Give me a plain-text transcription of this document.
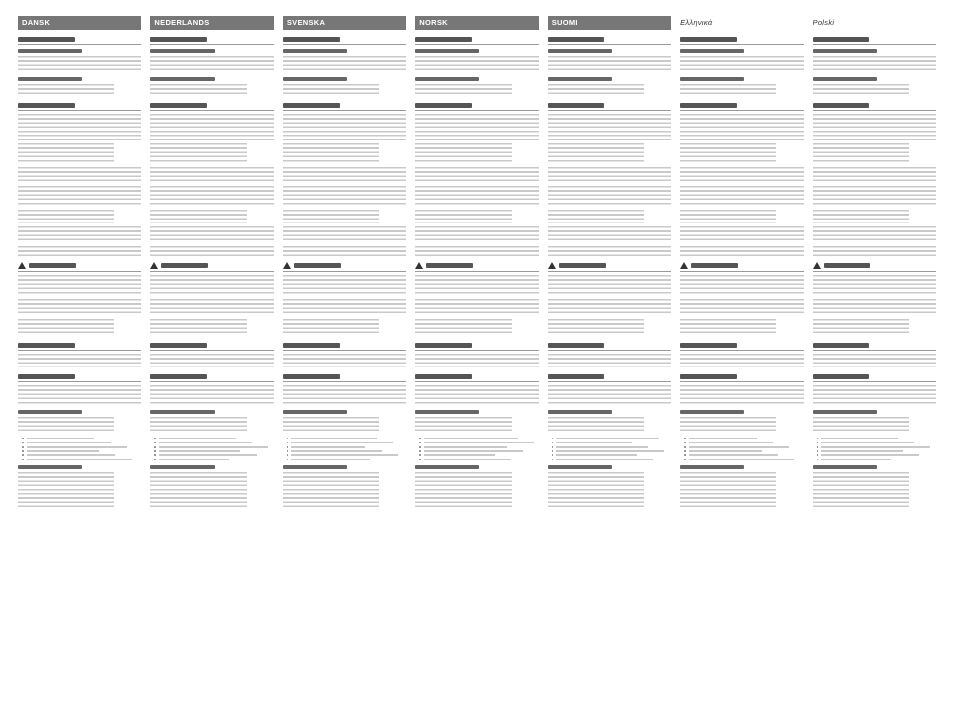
DANSK	NEDERLANDS	SVENSKA	NORSK	SUOMI	Ελληνικά	Polski
